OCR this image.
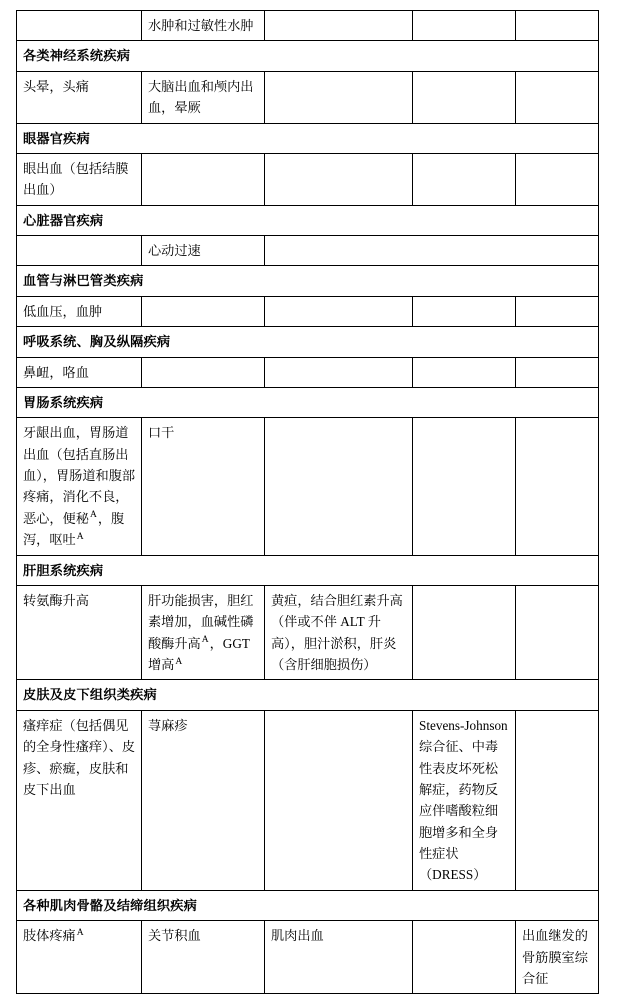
	水肿和过敏性水肿			
各类神经系统疾病				
头晕，头痛	大脑出血和颅内出血，晕厥			
眼器官疾病				
眼出血（包括结膜出血）				
心脏器官疾病				
	心动过速			
血管与淋巴管类疾病				
低血压，血肿				
呼吸系统、胸及纵隔疾病				
鼻衄，咯血				
胃肠系统疾病				
牙龈出血，胃肠道出血（包括直肠出血），胃肠道和腹部疼痛，消化不良，恶心，便秘$^A$，腹泻，呕吐$^A$	口干			
肝胆系统疾病				
转氨酶升高	肝功能损害，胆红素增加，血碱性磷酸酶升高$^A$，GGT 增高$^A$	黄疸，结合胆红素升高（伴或不伴 ALT 升高），胆汁淤积，肝炎（含肝细胞损伤）		
皮肤及皮下组织类疾病				
瘙痒症（包括偶见的全身性瘙痒）、皮疹、瘀癍，皮肤和皮下出血	荨麻疹		Stevens-Johnson 综合征、中毒性表皮坏死松解症，药物反应伴嗜酸粒细胞增多和全身性症状（DRESS）	
各种肌肉骨骼及结缔组织疾病				
肢体疼痛$^A$	关节积血	肌肉出血		出血继发的骨筋膜室综合征
